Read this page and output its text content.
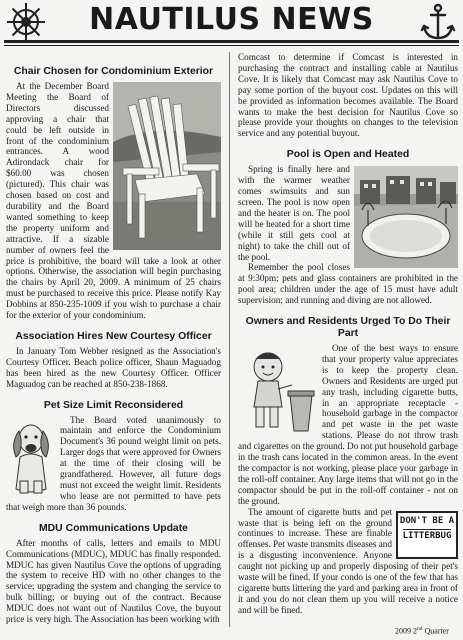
NAUTILUS NEWS
Chair Chosen for Condominium Exterior

At the December Board Meeting the Board of Directors discussed approving a chair that could be left outside in front of the condominium entrances. A wood Adirondack chair for $60.00 was chosen (pictured). This chair was chosen based on cost and durability and the Board wanted something to keep the property uniform and attractive. If a sizable number of owners feel the price is prohibitive, the board will take a look at other options. Otherwise, the association will begin purchasing the chairs by April 20, 2009. A minimum of 25 chairs must be purchased to receive this price. Please notify Kay Dobbins at 850-235-1009 if you wish to purchase a chair for the exterior of your condominium.

Association Hires New Courtesy Officer

In January Tom Webber resigned as the Association's Courtesy Officer. Beach police officer, Shaun Maguadog has been hired as the new Courtesy Officer. Officer Maguadog can be reached at 850-238-1868.

Pet Size Limit Reconsidered

The Board voted unanimously to maintain and enforce the Condominium Document's 36 pound weight limit on pets. Larger dogs that were approved for Owners at the time of their closing will be grandfathered. However, all future dogs must not exceed the weight limit. Residents who lease are not permitted to have pets that weigh more than 36 pounds.

MDU Communications Update

After months of calls, letters and emails to MDU Communications (MDUC), MDUC has finally responded. MDUC has given Nautilus Cove the options of upgrading the system to receive HD with no other changes to the service; upgrading the system and changing the service to bulk billing; or buying out of the contract. Because MDUC does not want out of Nautilus Cove, the buyout price is very high. The Association has been working with

Comcast to determine if Comcast is interested in purchasing the contract and installing cable at Nautilus Cove. It is likely that Comcast may ask Nautilus Cove to pay some portion of the buyout cost. Updates on this will be provided as information becomes available. The Board wants to make the best decision for Nautilus Cove so please provide your thoughts on changes to the television service and any potential buyout.

Pool is Open and Heated

Spring is finally here and with the warmer weather comes swimsuits and sun screen. The pool is now open and the heater is on. The pool will be heated for a short time (while it still gets cool at night) to take the chill out of the pool.

Remember the pool closes at 9:30pm; pets and glass containers are prohibited in the pool area; children under the age of 15 must have adult supervision; and running and diving are not allowed.

Owners and Residents Urged To Do Their Part

One of the best ways to ensure that your property value appreciates is to keep the property clean. Owners and Residents are urged put any trash, including cigarette butts, in an appropriate receptacle - household garbage in the compactor and pet waste in the pet waste stations. Please do not throw trash and cigarettes on the ground. Do not put household garbage in the trash cans located in the common areas. In the event the compactor is not working, please place your garbage in the roll-off container. Any large items that will not go in the compactor should be put in the roll-off container - not on the ground.

DON'T BE A
LITTERBUG

The amount of cigarette butts and pet waste that is being left on the ground continues to increase. These are finable offenses. Pet waste transmits diseases and is a disgusting inconvenience. Anyone caught not picking up and properly disposing of their pet's waste will be fined. If your condo is one of the few that has cigarette butts littering the yard and parking area in front of it and you do not clean them up you will receive a notice and will be fined.

2009 2nd Quarter
